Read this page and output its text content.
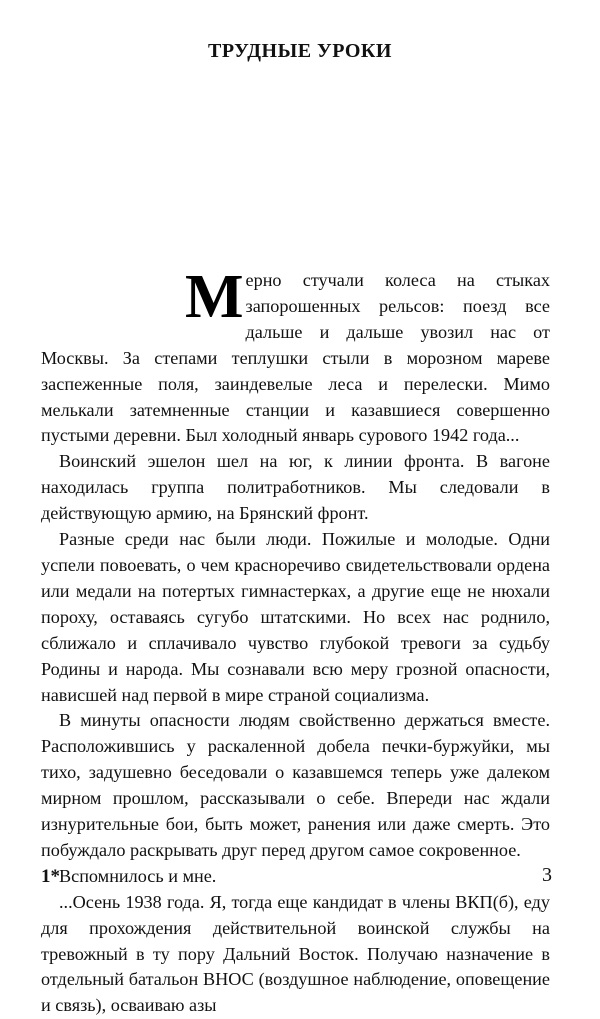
ТРУДНЫЕ УРОКИ

Мерно стучали колеса на стыках запорошенных рельсов: поезд все дальше и дальше увозил нас от Москвы. За степами теплушки стыли в морозном мареве заспеженные поля, заиндевелые леса и перелески. Мимо мелькали затемненные станции и казавшиеся совершенно пустыми деревни. Был холодный январь сурового 1942 года...

Воинский эшелон шел на юг, к линии фронта. В вагоне находилась группа политработников. Мы следовали в действующую армию, на Брянский фронт.

Разные среди нас были люди. Пожилые и молодые. Одни успели повоевать, о чем красноречиво свидетельствовали ордена или медали на потертых гимнастерках, а другие еще не нюхали пороху, оставаясь сугубо штатскими. Но всех нас роднило, сближало и сплачивало чувство глубокой тревоги за судьбу Родины и народа. Мы сознавали всю меру грозной опасности, нависшей над первой в мире страной социализма.

В минуты опасности людям свойственно держаться вместе. Расположившись у раскаленной добела печки-буржуйки, мы тихо, задушевно беседовали о казавшемся теперь уже далеком мирном прошлом, рассказывали о себе. Впереди нас ждали изнурительные бои, быть может, ранения или даже смерть. Это побуждало раскрывать друг перед другом самое сокровенное.

Вспомнилось и мне.

...Осень 1938 года. Я, тогда еще кандидат в члены ВКП(б), еду для прохождения действительной воинской службы на тревожный в ту пору Дальний Восток. Получаю назначение в отдельный батальон ВНОС (воздушное наблюдение, оповещение и связь), осваиваю азы

1*	3
